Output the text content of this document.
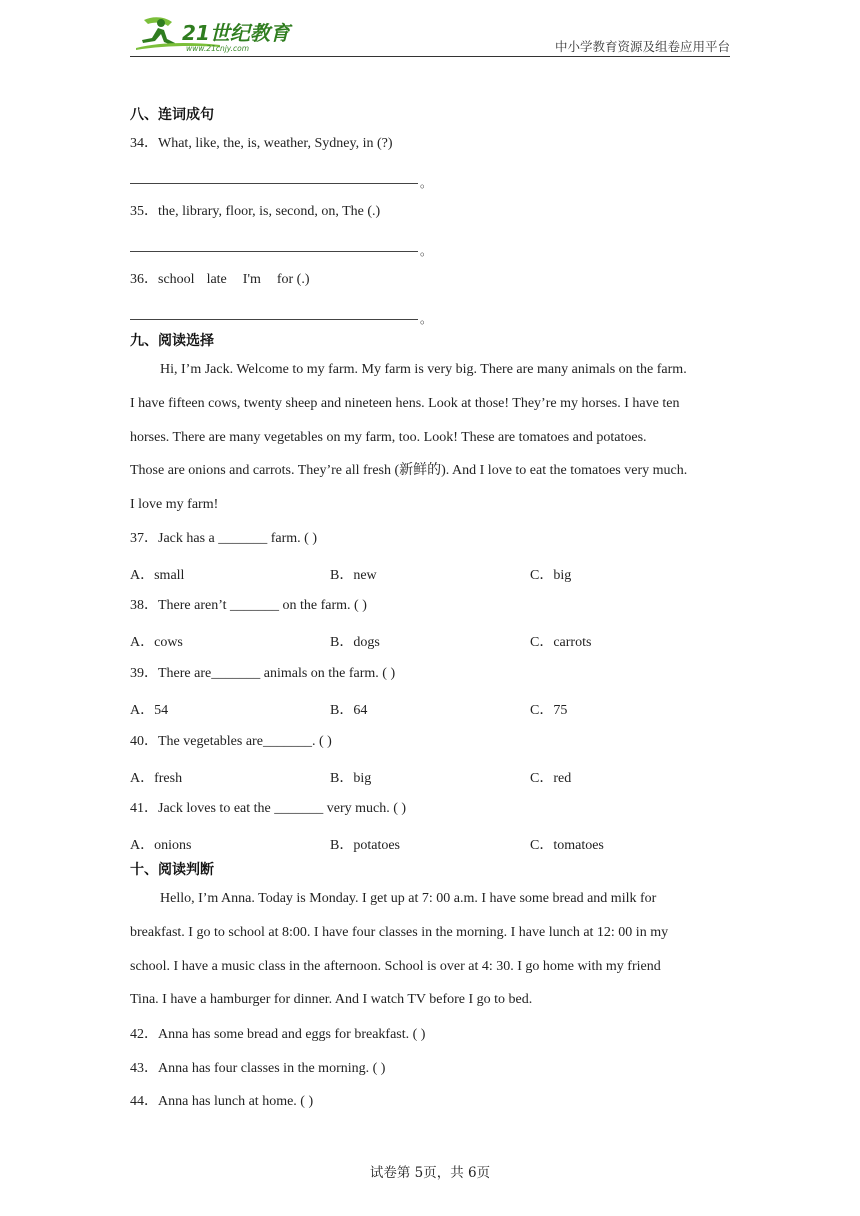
21世纪教育
www.21cnjy.com	中小学教育资源及组卷应用平台
八、连词成句
34．What, like, the, is, weather, Sydney, in (?)
。
35．the, library, floor, is, second, on, The (.)
。
36．school late I'm for (.)
。
九、阅读选择
Hi, I’m Jack. Welcome to my farm. My farm is very big. There are many animals on the farm.
I have fifteen cows, twenty sheep and nineteen hens. Look at those! They’re my horses. I have ten
horses. There are many vegetables on my farm, too. Look! These are tomatoes and potatoes.
Those are onions and carrots. They’re all fresh (新鲜的). And I love to eat the tomatoes very much.
I love my farm!
37．Jack has a _______ farm. ( )
A．small	B．new	C．big
38．There aren’t _______ on the farm. ( )
A．cows	B．dogs	C．carrots
39．There are_______ animals on the farm. ( )
A．54	B．64	C．75
40．The vegetables are_______. ( )
A．fresh	B．big	C．red
41．Jack loves to eat the _______ very much. ( )
A．onions	B．potatoes	C．tomatoes
十、阅读判断
Hello, I’m Anna. Today is Monday. I get up at 7: 00 a.m. I have some bread and milk for
breakfast. I go to school at 8:00. I have four classes in the morning. I have lunch at 12: 00 in my
school. I have a music class in the afternoon. School is over at 4: 30. I go home with my friend
Tina. I have a hamburger for dinner. And I watch TV before I go to bed.
42．Anna has some bread and eggs for breakfast. ( )
43．Anna has four classes in the morning. ( )
44．Anna has lunch at home. ( )
试卷第 5页，共 6页
